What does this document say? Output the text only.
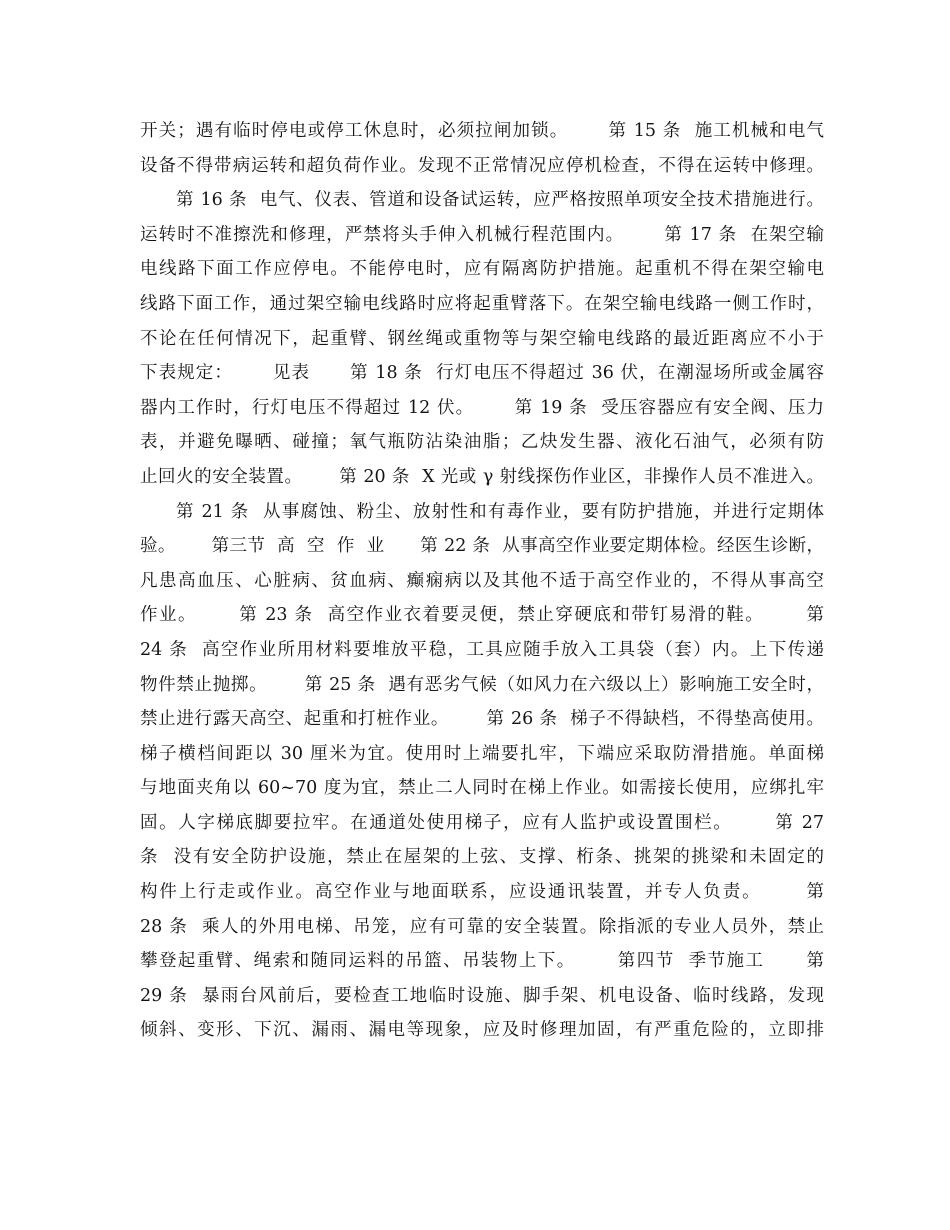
开关；遇有临时停电或停工休息时，必须拉闸加锁。      第 15 条  施工机械和电气
设备不得带病运转和超负荷作业。发现不正常情况应停机检查，不得在运转中修理。
第 16 条  电气、仪表、管道和设备试运转，应严格按照单项安全技术措施进行。
运转时不准擦洗和修理，严禁将头手伸入机械行程范围内。      第 17 条  在架空输
电线路下面工作应停电。不能停电时，应有隔离防护措施。起重机不得在架空输电
线路下面工作，通过架空输电线路时应将起重臂落下。在架空输电线路一侧工作时，
不论在任何情况下，起重臂、钢丝绳或重物等与架空输电线路的最近距离应不小于
下表规定：      见表      第 18 条  行灯电压不得超过 36 伏，在潮湿场所或金属容
器内工作时，行灯电压不得超过 12 伏。      第 19 条  受压容器应有安全阀、压力
表，并避免曝晒、碰撞；氧气瓶防沾染油脂；乙炔发生器、液化石油气，必须有防
止回火的安全装置。      第 20 条  X 光或 γ 射线探伤作业区，非操作人员不准进入。
第 21 条  从事腐蚀、粉尘、放射性和有毒作业，要有防护措施，并进行定期体
验。      第三节  高  空  作  业      第 22 条  从事高空作业要定期体检。经医生诊断，
凡患高血压、心脏病、贫血病、癫痫病以及其他不适于高空作业的，不得从事高空
作业。      第 23 条  高空作业衣着要灵便，禁止穿硬底和带钉易滑的鞋。      第
24 条  高空作业所用材料要堆放平稳，工具应随手放入工具袋（套）内。上下传递
物件禁止抛掷。      第 25 条  遇有恶劣气候（如风力在六级以上）影响施工安全时，
禁止进行露天高空、起重和打桩作业。      第 26 条  梯子不得缺档，不得垫高使用。
梯子横档间距以 30 厘米为宜。使用时上端要扎牢，下端应采取防滑措施。单面梯
与地面夹角以 60~70 度为宜，禁止二人同时在梯上作业。如需接长使用，应绑扎牢
固。人字梯底脚要拉牢。在通道处使用梯子，应有人监护或设置围栏。      第 27
条  没有安全防护设施，禁止在屋架的上弦、支撑、桁条、挑架的挑梁和未固定的
构件上行走或作业。高空作业与地面联系，应设通讯装置，并专人负责。      第
28 条  乘人的外用电梯、吊笼，应有可靠的安全装置。除指派的专业人员外，禁止
攀登起重臂、绳索和随同运料的吊篮、吊装物上下。      第四节  季节施工      第
29 条  暴雨台风前后，要检查工地临时设施、脚手架、机电设备、临时线路，发现
倾斜、变形、下沉、漏雨、漏电等现象，应及时修理加固，有严重危险的，立即排
